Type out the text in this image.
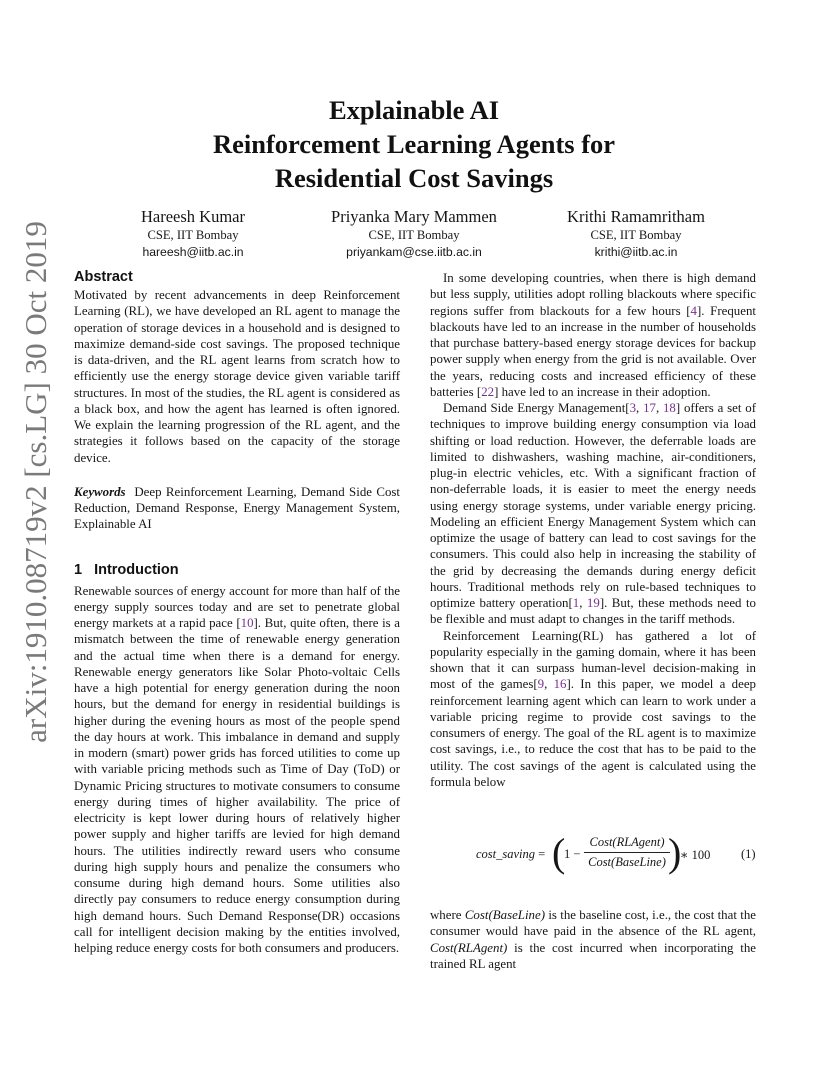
Explainable AI
Reinforcement Learning Agents for
Residential Cost Savings
Hareesh Kumar
CSE, IIT Bombay
hareesh@iitb.ac.in
Priyanka Mary Mammen
CSE, IIT Bombay
priyankam@cse.iitb.ac.in
Krithi Ramamritham
CSE, IIT Bombay
krithi@iitb.ac.in
arXiv:1910.08719v2 [cs.LG] 30 Oct 2019 Abstract

Motivated by recent advancements in deep Reinforcement Learning (RL), we have developed an RL agent to manage the operation of storage devices in a household and is designed to maximize demand-side cost savings. The proposed technique is data-driven, and the RL agent learns from scratch how to efficiently use the energy storage device given variable tariff structures. In most of the studies, the RL agent is considered as a black box, and how the agent has learned is often ignored. We explain the learning progression of the RL agent, and the strategies it follows based on the capacity of the storage device.

Keywords Deep Reinforcement Learning, Demand Side Cost Reduction, Demand Response, Energy Management System, Explainable AI

1 Introduction

Renewable sources of energy account for more than half of the energy supply sources today and are set to penetrate global energy markets at a rapid pace [10]. But, quite often, there is a mismatch between the time of renewable energy generation and the actual time when there is a demand for energy. Renewable energy generators like Solar Photo-voltaic Cells have a high potential for energy generation during the noon hours, but the demand for energy in residential buildings is higher during the evening hours as most of the people spend the day hours at work. This imbalance in demand and supply in modern (smart) power grids has forced utilities to come up with variable pricing methods such as Time of Day (ToD) or Dynamic Pricing structures to motivate consumers to consume energy during times of higher availability. The price of electricity is kept lower during hours of relatively higher power supply and higher tariffs are levied for high demand hours. The utilities indirectly reward users who consume during high supply hours and penalize the consumers who consume during high demand hours. Some utilities also directly pay consumers to reduce energy consumption during high demand hours. Such Demand Response(DR) occasions call for intelligent decision making by the entities involved, helping reduce energy costs for both consumers and producers.

In some developing countries, when there is high demand but less supply, utilities adopt rolling blackouts where specific regions suffer from blackouts for a few hours [4]. Frequent blackouts have led to an increase in the number of households that purchase battery-based energy storage devices for backup power supply when energy from the grid is not available. Over the years, reducing costs and increased efficiency of these batteries [22] have led to an increase in their adoption.

Demand Side Energy Management[3, 17, 18] offers a set of techniques to improve building energy consumption via load shifting or load reduction. However, the deferrable loads are limited to dishwashers, washing machine, air-conditioners, plug-in electric vehicles, etc. With a significant fraction of non-deferrable loads, it is easier to meet the energy needs using energy storage systems, under variable energy pricing. Modeling an efficient Energy Management System which can optimize the usage of battery can lead to cost savings for the consumers. This could also help in increasing the stability of the grid by decreasing the demands during energy deficit hours. Traditional methods rely on rule-based techniques to optimize battery operation[1, 19]. But, these methods need to be flexible and must adapt to changes in the tariff methods.

Reinforcement Learning(RL) has gathered a lot of popularity especially in the gaming domain, where it has been shown that it can surpass human-level decision-making in most of the games[9, 16]. In this paper, we model a deep reinforcement learning agent which can learn to work under a variable pricing regime to provide cost savings to the consumers of energy. The goal of the RL agent is to maximize cost savings, i.e., to reduce the cost that has to be paid to the utility. The cost savings of the agent is calculated using the formula below

cost_saving = (
1 −
Cost(RLAgent)
Cost(BaseLine) )
∗ 100 (1)

where Cost(BaseLine) is the baseline cost, i.e., the cost that the consumer would have paid in the absence of the RL agent, Cost(RLAgent) is the cost incurred when incorporating the trained RL agent
